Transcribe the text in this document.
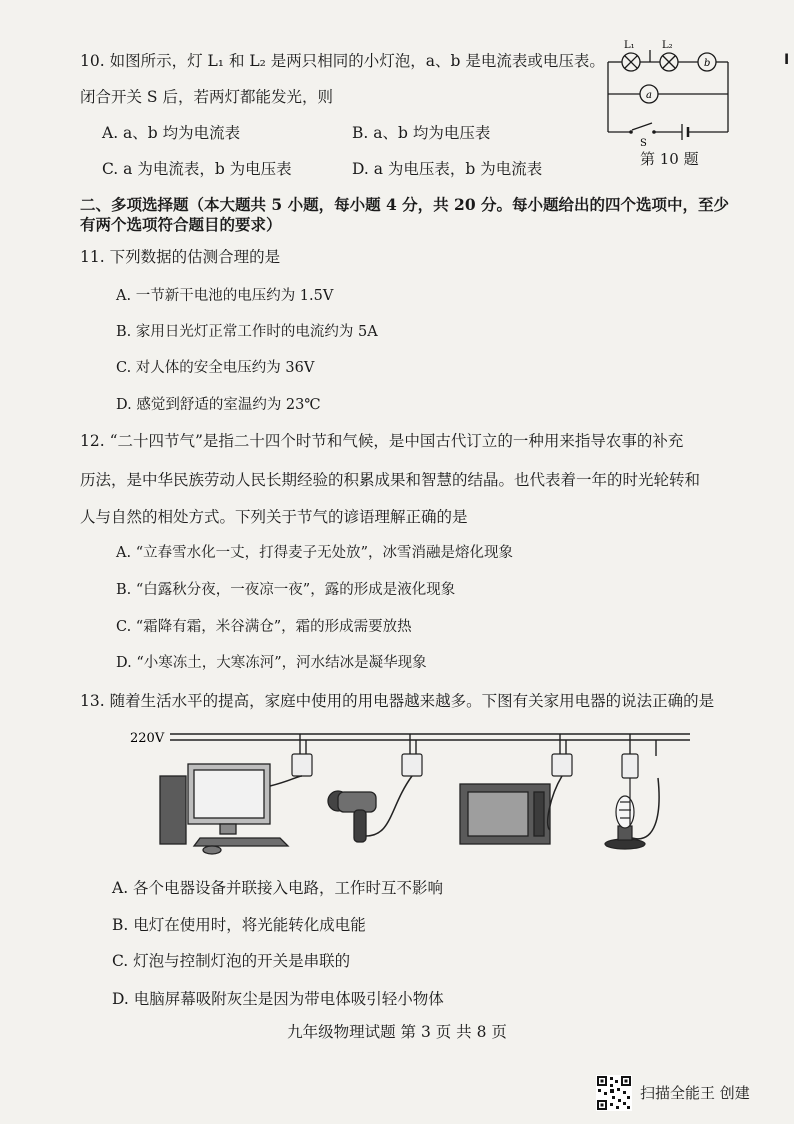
I
10. 如图所示，灯 L₁ 和 L₂ 是两只相同的小灯泡，a、b 是电流表或电压表。
闭合开关 S 后，若两灯都能发光，则
A. a、b 均为电流表	B. a、b 均为电压表
C. a 为电流表，b 为电压表	D. a 为电压表，b 为电流表
L₁	L₂
b
a
S
第 10 题
二、多项选择题（本大题共 5 小题，每小题 4 分，共 20 分。每小题给出的四个选项中，至少
有两个选项符合题目的要求）
11. 下列数据的估测合理的是
A. 一节新干电池的电压约为 1.5V
B. 家用日光灯正常工作时的电流约为 5A
C. 对人体的安全电压约为 36V
D. 感觉到舒适的室温约为 23℃
12. “二十四节气”是指二十四个时节和气候，是中国古代订立的一种用来指导农事的补充
历法，是中华民族劳动人民长期经验的积累成果和智慧的结晶。也代表着一年的时光轮转和
人与自然的相处方式。下列关于节气的谚语理解正确的是
A. “立春雪水化一丈，打得麦子无处放”，冰雪消融是熔化现象
B. “白露秋分夜，一夜凉一夜”，露的形成是液化现象
C. “霜降有霜，米谷满仓”，霜的形成需要放热
D. “小寒冻土，大寒冻河”，河水结冰是凝华现象
13. 随着生活水平的提高，家庭中使用的用电器越来越多。下图有关家用电器的说法正确的是
220V
A. 各个电器设备并联接入电路，工作时互不影响
B. 电灯在使用时，将光能转化成电能
C. 灯泡与控制灯泡的开关是串联的
D. 电脑屏幕吸附灰尘是因为带电体吸引轻小物体
九年级物理试题 第 3 页 共 8 页
扫描全能王 创建
